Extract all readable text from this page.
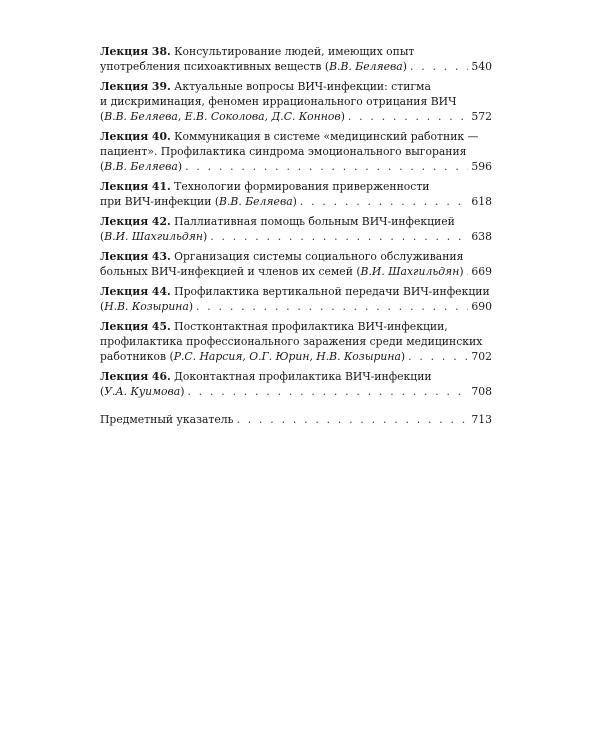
Лекция 38. Консультирование людей, имеющих опыт
употребления психоактивных веществ (В.В. Беляева) . . .	540
Лекция 39. Актуальные вопросы ВИЧ-инфекции: стигма
и дискриминация, феномен иррационального отрицания ВИЧ
(В.В. Беляева, Е.В. Соколова, Д.С. Коннов) . . .	572
Лекция 40. Коммуникация в системе «медицинский работник —
пациент». Профилактика синдрома эмоционального выгорания
(В.В. Беляева) . . .	596
Лекция 41. Технологии формирования приверженности
при ВИЧ-инфекции (В.В. Беляева) . . .	618
Лекция 42. Паллиативная помощь больным ВИЧ-инфекцией
(В.И. Шахгильдян) . . .	638
Лекция 43. Организация системы социального обслуживания
больных ВИЧ-инфекцией и членов их семей (В.И. Шахгильдян) . . . 669
Лекция 44. Профилактика вертикальной передачи ВИЧ-инфекции
(Н.В. Козырина) . . .	690
Лекция 45. Постконтактная профилактика ВИЧ-инфекции,
профилактика профессионального заражения среди медицинских
работников (Р.С. Нарсия, О.Г. Юрин, Н.В. Козырина) . . .	702
Лекция 46. Доконтактная профилактика ВИЧ-инфекции
(У.А. Куимова) . . .	708
Предметный указатель . . .	713
